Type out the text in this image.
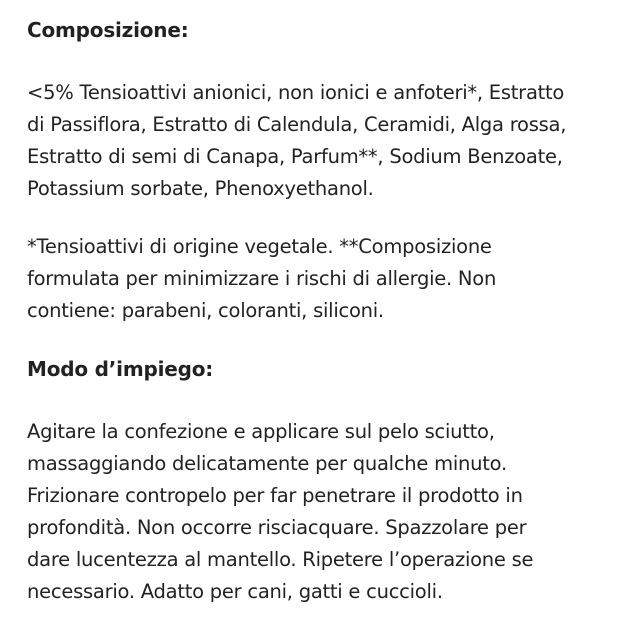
Composizione:
<5% Tensioattivi anionici, non ionici e anfoteri*, Estratto
di Passiflora, Estratto di Calendula, Ceramidi, Alga rossa,
Estratto di semi di Canapa, Parfum**, Sodium Benzoate,
Potassium sorbate, Phenoxyethanol.
*Tensioattivi di origine vegetale. **Composizione
formulata per minimizzare i rischi di allergie. Non
contiene: parabeni, coloranti, siliconi.
Modo d’impiego:
Agitare la confezione e applicare sul pelo sciutto,
massaggiando delicatamente per qualche minuto.
Frizionare contropelo per far penetrare il prodotto in
profondità. Non occorre risciacquare. Spazzolare per
dare lucentezza al mantello. Ripetere l’operazione se
necessario. Adatto per cani, gatti e cuccioli.
